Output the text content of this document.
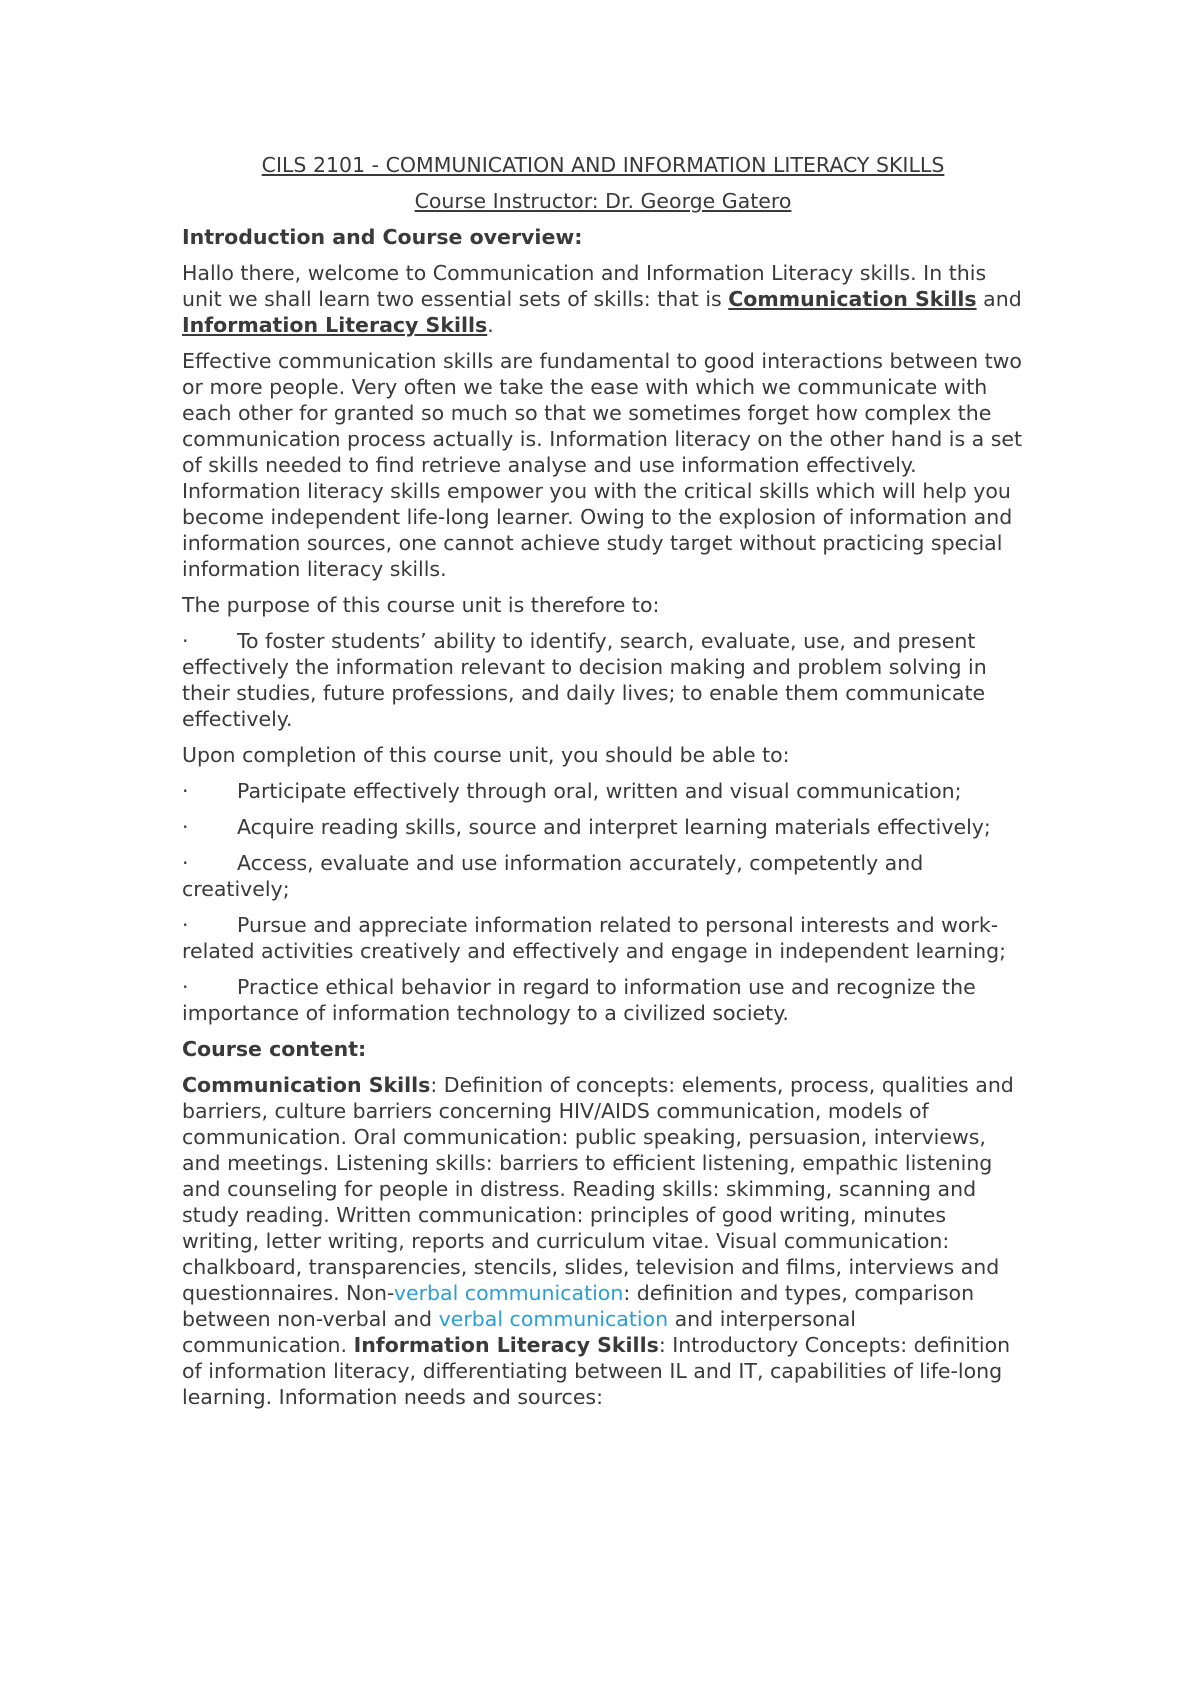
CILS 2101 - COMMUNICATION AND INFORMATION LITERACY SKILLS
Course Instructor: Dr. George Gatero
Introduction and Course overview:

Hallo there, welcome to Communication and Information Literacy skills. In this unit we shall learn two essential sets of skills: that is Communication Skills and Information Literacy Skills.

Effective communication skills are fundamental to good interactions between two or more people. Very often we take the ease with which we communicate with each other for granted so much so that we sometimes forget how complex the communication process actually is. Information literacy on the other hand is a set of skills needed to find retrieve analyse and use information effectively. Information literacy skills empower you with the critical skills which will help you become independent life-long learner. Owing to the explosion of information and information sources, one cannot achieve study target without practicing special information literacy skills.

The purpose of this course unit is therefore to:

· To foster students’ ability to identify, search, evaluate, use, and present effectively the information relevant to decision making and problem solving in their studies, future professions, and daily lives; to enable them communicate effectively.

Upon completion of this course unit, you should be able to:

· Participate effectively through oral, written and visual communication;

· Acquire reading skills, source and interpret learning materials effectively;

· Access, evaluate and use information accurately, competently and creatively;

· Pursue and appreciate information related to personal interests and work-related activities creatively and effectively and engage in independent learning;

· Practice ethical behavior in regard to information use and recognize the importance of information technology to a civilized society.

Course content:

Communication Skills: Definition of concepts: elements, process, qualities and barriers, culture barriers concerning HIV/AIDS communication, models of communication. Oral communication: public speaking, persuasion, interviews, and meetings. Listening skills: barriers to efficient listening, empathic listening and counseling for people in distress. Reading skills: skimming, scanning and study reading. Written communication: principles of good writing, minutes writing, letter writing, reports and curriculum vitae. Visual communication: chalkboard, transparencies, stencils, slides, television and films, interviews and questionnaires. Non-verbal communication: definition and types, comparison between non-verbal and verbal communication and interpersonal communication. Information Literacy Skills: Introductory Concepts: definition of information literacy, differentiating between IL and IT, capabilities of life-long learning. Information needs and sources:
